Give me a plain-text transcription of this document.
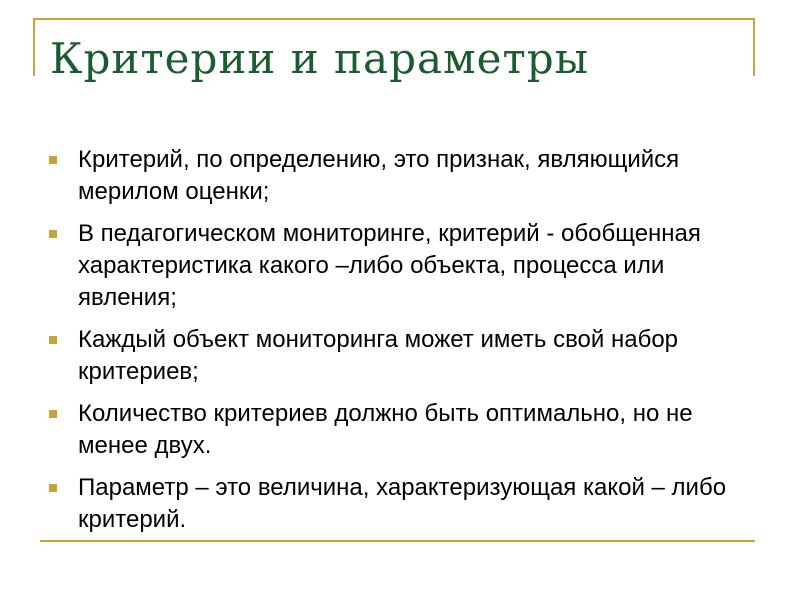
Критерии и параметры
Критерий, по определению, это признак, являющийся мерилом оценки;
В педагогическом мониторинге, критерий - обобщенная характеристика какого –либо объекта, процесса или явления;
Каждый объект мониторинга может иметь свой набор критериев;
Количество критериев должно быть оптимально, но не менее двух.
Параметр – это величина, характеризующая какой – либо критерий.
